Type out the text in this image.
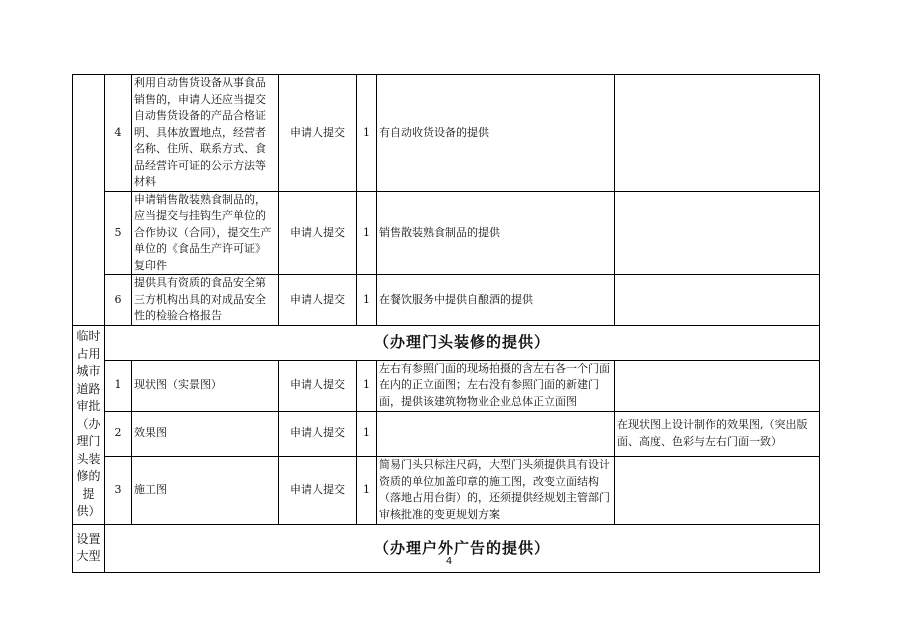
	4	利用自动售货设备从事食品销售的，申请人还应当提交自动售货设备的产品合格证明、具体放置地点，经营者名称、住所、联系方式、食品经营许可证的公示方法等材料	申请人提交	1	有自动收货设备的提供	
	5	申请销售散装熟食制品的，应当提交与挂钩生产单位的合作协议（合同），提交生产单位的《食品生产许可证》复印件	申请人提交	1	销售散装熟食制品的提供	
	6	提供具有资质的食品安全第三方机构出具的对成品安全性的检验合格报告	申请人提交	1	在餐饮服务中提供自酿酒的提供	
临时占用城市道路审批（办理门头装修的提供）	（办理门头装修的提供）					
	1	现状图（实景图）	申请人提交	1	左右有参照门面的现场拍摄的含左右各一个门面在内的正立面图；左右没有参照门面的新建门面，提供该建筑物物业企业总体正立面图	
	2	效果图	申请人提交	1		在现状图上设计制作的效果图,（突出版面、高度、色彩与左右门面一致）
	3	施工图	申请人提交	1	简易门头只标注尺码，大型门头须提供具有设计资质的单位加盖印章的施工图，改变立面结构（落地占用台街）的，还须提供经规划主管部门审核批准的变更规划方案	
设置大型	（办理户外广告的提供）					
4
